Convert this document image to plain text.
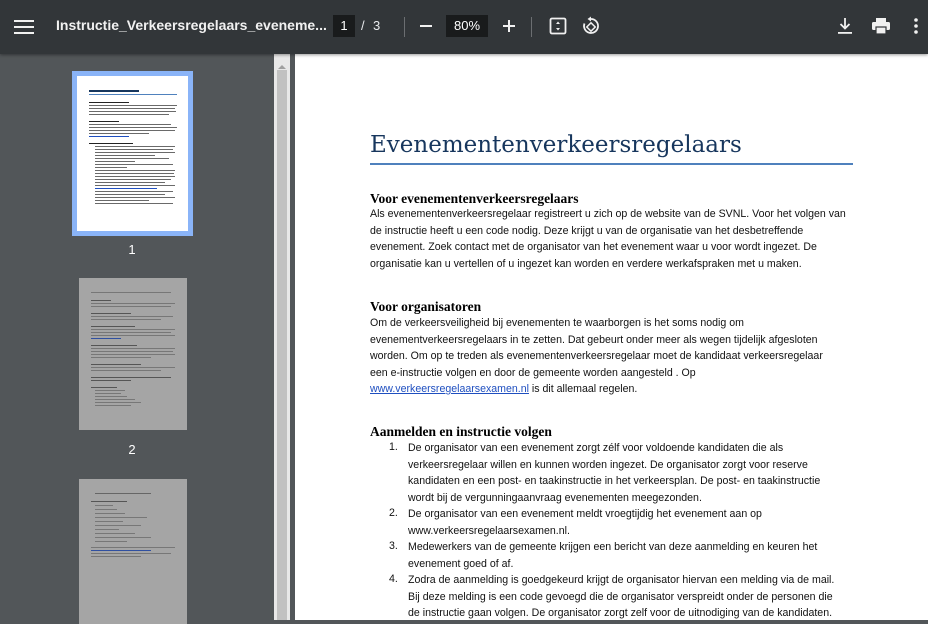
Instructie_Verkeersregelaars_eveneme...	1	/ 3	80%
1
2
Evenementenverkeersregelaars
Voor evenementenverkeersregelaars
Als evenementenverkeersregelaar registreert u zich op de website van de SVNL. Voor het volgen van
de instructie heeft u een code nodig. Deze krijgt u van de organisatie van het desbetreffende
evenement. Zoek contact met de organisator van het evenement waar u voor wordt ingezet. De
organisatie kan u vertellen of u ingezet kan worden en verdere werkafspraken met u maken.
Voor organisatoren
Om de verkeersveiligheid bij evenementen te waarborgen is het soms nodig om
evenementverkeersregelaars in te zetten. Dat gebeurt onder meer als wegen tijdelijk afgesloten
worden. Om op te treden als evenementenverkeersregelaar moet de kandidaat verkeersregelaar
een e-instructie volgen en door de gemeente worden aangesteld . Op
www.verkeersregelaarsexamen.nl is dit allemaal regelen.
Aanmelden en instructie volgen
1. De organisator van een evenement zorgt zélf voor voldoende kandidaten die als
verkeersregelaar willen en kunnen worden ingezet. De organisator zorgt voor reserve
kandidaten en een post- en taakinstructie in het verkeersplan. De post- en taakinstructie
wordt bij de vergunningaanvraag evenementen meegezonden.
2. De organisator van een evenement meldt vroegtijdig het evenement aan op
www.verkeersregelaarsexamen.nl.
3. Medewerkers van de gemeente krijgen een bericht van deze aanmelding en keuren het
evenement goed of af.
4. Zodra de aanmelding is goedgekeurd krijgt de organisator hiervan een melding via de mail.
Bij deze melding is een code gevoegd die de organisator verspreidt onder de personen die
de instructie gaan volgen. De organisator zorgt zelf voor de uitnodiging van de kandidaten.
